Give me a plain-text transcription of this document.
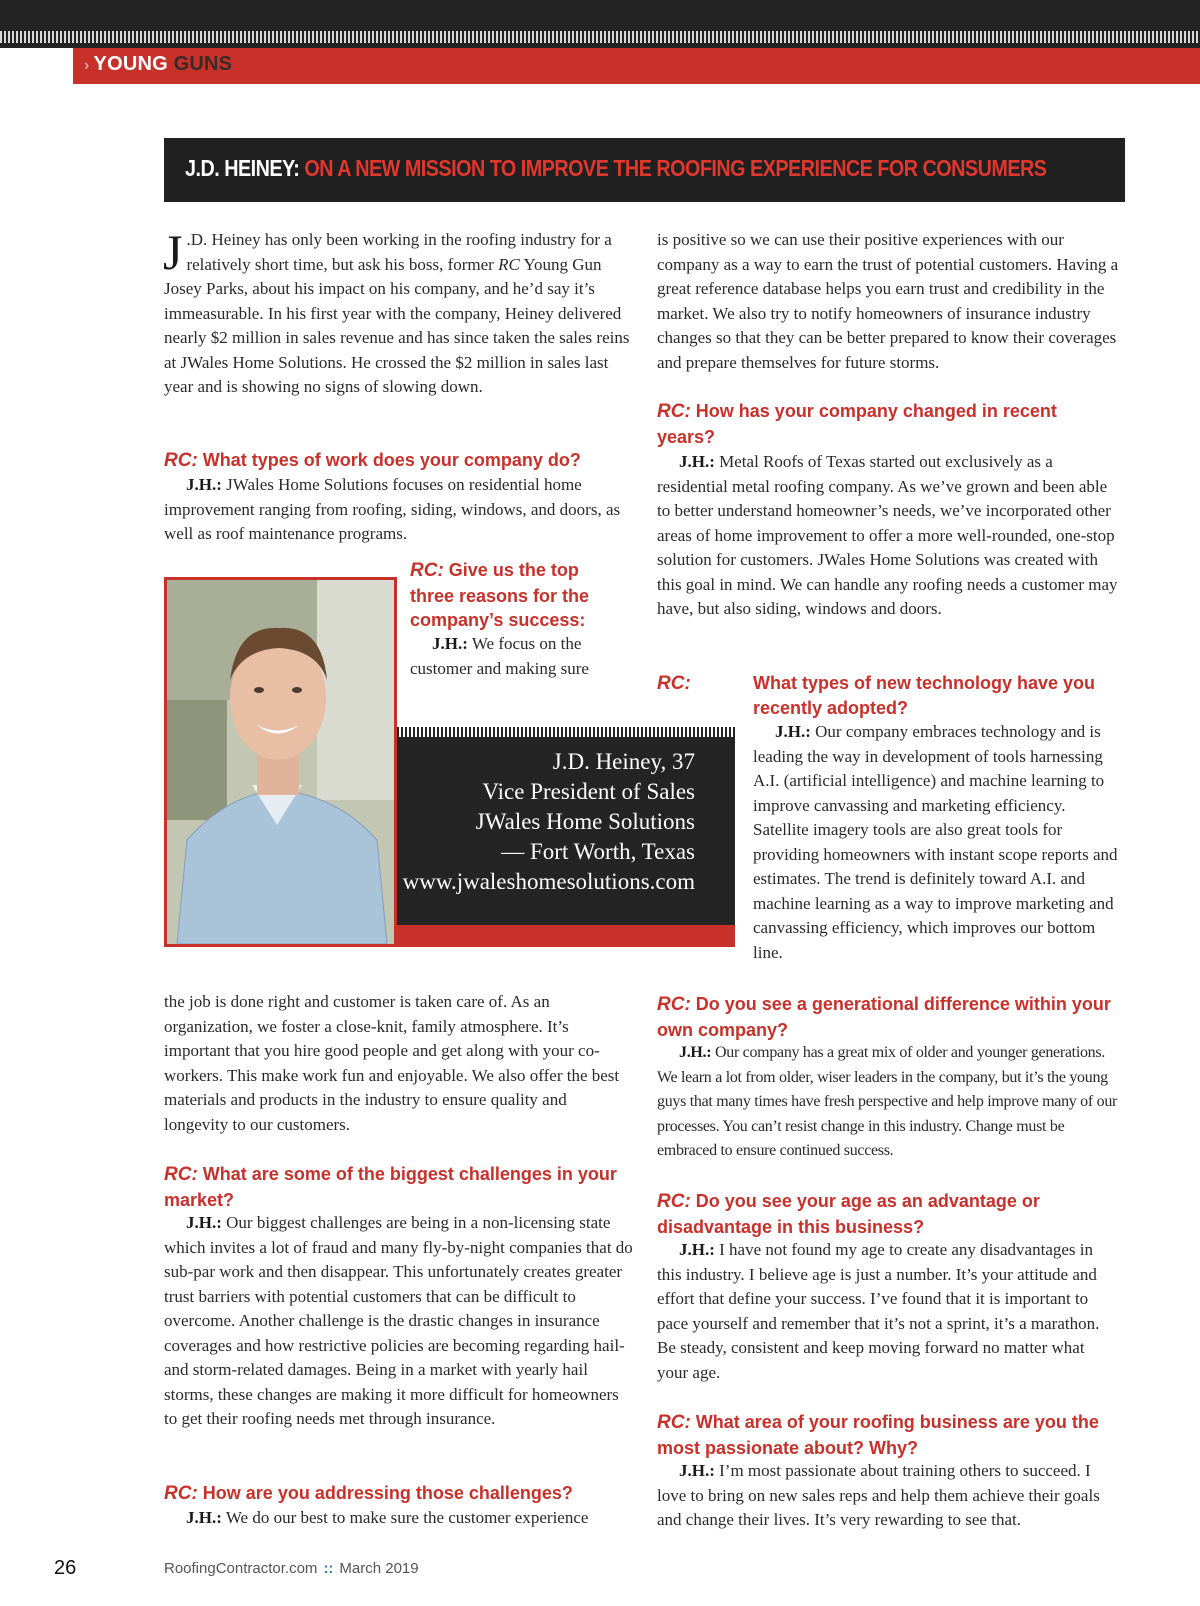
› YOUNG GUNS
J.D. HEINEY: ON A NEW MISSION TO IMPROVE THE ROOFING EXPERIENCE FOR CONSUMERS

J .D. Heiney has only been working in the roofing industry for a relatively short time, but ask his boss, former RC Young Gun Josey Parks, about his impact on his company, and he’d say it’s immeasurable. In his first year with the company, Heiney delivered nearly $2 million in sales revenue and has since taken the sales reins at JWales Home Solutions. He crossed the $2 million in sales last year and is showing no signs of slowing down.

RC: What types of work does your company do?

J.H.: JWales Home Solutions focuses on residential home improvement ranging from roofing, siding, windows, and doors, as well as roof maintenance programs.

RC: Give us the top three reasons for the company’s success:

J.H.: We focus on the customer and making sure

J.D. Heiney, 37
Vice President of Sales
JWales Home Solutions
— Fort Worth, Texas
www.jwaleshomesolutions.com

the job is done right and customer is taken care of. As an organization, we foster a close-knit, family atmosphere. It’s important that you hire good people and get along with your co-workers. This make work fun and enjoyable. We also offer the best materials and products in the industry to ensure quality and longevity to our customers.

RC: What are some of the biggest challenges in your market?

J.H.: Our biggest challenges are being in a non-licensing state which invites a lot of fraud and many fly-by-night companies that do sub-par work and then disappear. This unfortunately creates greater trust barriers with potential customers that can be difficult to overcome. Another challenge is the drastic changes in insurance coverages and how restrictive policies are becoming regarding hail- and storm-related damages. Being in a market with yearly hail storms, these changes are making it more difficult for homeowners to get their roofing needs met through insurance.

RC: How are you addressing those challenges?

J.H.: We do our best to make sure the customer experience

is positive so we can use their positive experiences with our company as a way to earn the trust of potential customers. Having a great reference database helps you earn trust and credibility in the market. We also try to notify homeowners of insurance industry changes so that they can be better prepared to know their coverages and prepare themselves for future storms.

RC: How has your company changed in recent years?

J.H.: Metal Roofs of Texas started out exclusively as a residential metal roofing company. As we’ve grown and been able to better understand homeowner’s needs, we’ve incorporated other areas of home improvement to offer a more well-rounded, one-stop solution for customers. JWales Home Solutions was created with this goal in mind. We can handle any roofing needs a customer may have, but also siding, windows and doors.

RC:	What types of new technology have you recently adopted?

J.H.: Our company embraces technology and is leading the way in development of tools harnessing A.I. (artificial intelligence) and machine learning to improve canvassing and marketing efficiency. Satellite imagery tools are also great tools for providing homeowners with instant scope reports and estimates. The trend is definitely toward A.I. and machine learning as a way to improve marketing and canvassing efficiency, which improves our bottom line.

RC: Do you see a generational difference within your own company?

J.H.: Our company has a great mix of older and younger generations. We learn a lot from older, wiser leaders in the company, but it’s the young guys that many times have fresh perspective and help improve many of our processes. You can’t resist change in this industry. Change must be embraced to ensure continued success.

RC: Do you see your age as an advantage or disadvantage in this business?

J.H.: I have not found my age to create any disadvantages in this industry. I believe age is just a number. It’s your attitude and effort that define your success. I’ve found that it is important to pace yourself and remember that it’s not a sprint, it’s a marathon. Be steady, consistent and keep moving forward no matter what your age.

RC: What area of your roofing business are you the most passionate about? Why?

J.H.: I’m most passionate about training others to succeed. I love to bring on new sales reps and help them achieve their goals and change their lives. It’s very rewarding to see that.

26	RoofingContractor.com :: March 2019
